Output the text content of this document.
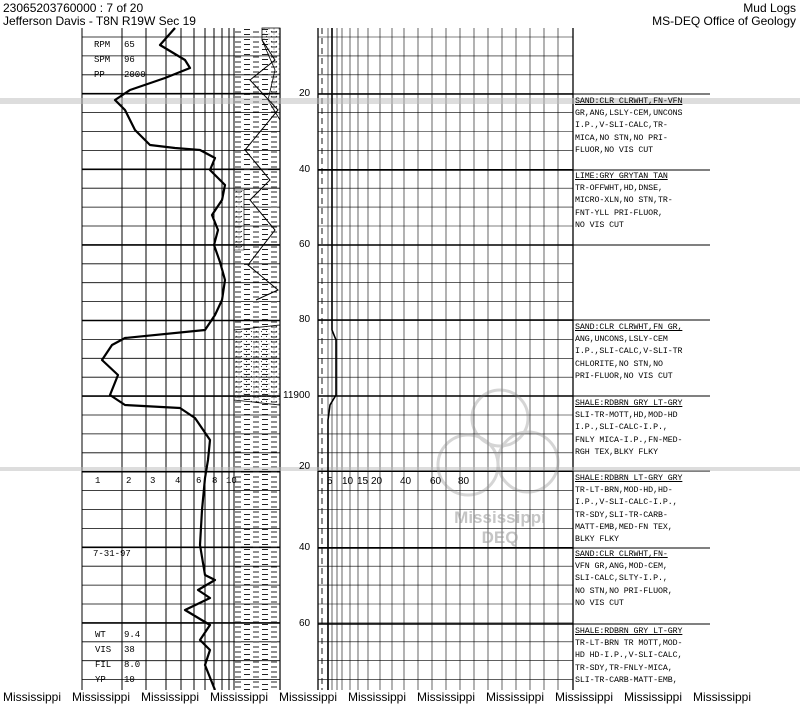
23065203760000 : 7 of 20
Jefferson Davis - T8N R19W Sec 19
Mud Logs
MS-DEQ Office of Geology
RPM 65
SPM 96
PP 2000
1	2 3 4 6 8 10
7-31-97
WT 9.4
VIS 38
FIL 8.0
YP 10
20
40
60
80
11900
20
40
60
5 10 15 20 40 60 80
SAND:CLR CLRWHT,FN-VFN
GR,ANG,LSLY-CEM,UNCONS
I.P.,V-SLI-CALC,TR-
MICA,NO STN,NO PRI-
FLUOR,NO VIS CUT
LIME:GRY GRYTAN TAN
TR-OFFWHT,HD,DNSE,
MICRO-XLN,NO STN,TR-
FNT-YLL PRI-FLUOR,
NO VIS CUT
SAND:CLR CLRWHT,FN GR,
ANG,UNCONS,LSLY-CEM
I.P.,SLI-CALC,V-SLI-TR
CHLORITE,NO STN,NO
PRI-FLUOR,NO VIS CUT
SHALE:RDBRN GRY LT-GRY
SLI-TR-MOTT,HD,MOD-HD
I.P.,SLI-CALC-I.P.,
FNLY MICA-I.P.,FN-MED-
RGH TEX,BLKY FLKY
SHALE:RDBRN LT-GRY GRY
TR-LT-BRN,MOD-HD,HD-
I.P.,V-SLI-CALC-I.P.,
TR-SDY,SLI-TR-CARB-
MATT-EMB,MED-FN TEX,
BLKY FLKY
SAND:CLR CLRWHT,FN-
VFN GR,ANG,MOD-CEM,
SLI-CALC,SLTY-I.P.,
NO STN,NO PRI-FLUOR,
NO VIS CUT
SHALE:RDBRN GRY LT-GRY
TR-LT-BRN TR MOTT,MOD-
HD HD-I.P.,V-SLI-CALC,
TR-SDY,TR-FNLY-MICA,
SLI-TR-CARB-MATT-EMB,
Mississippi
DEQ
Mississippi Mississippi Mississippi Mississippi Mississippi Mississippi Mississippi Mississippi Mississippi Mississippi Mississippi
